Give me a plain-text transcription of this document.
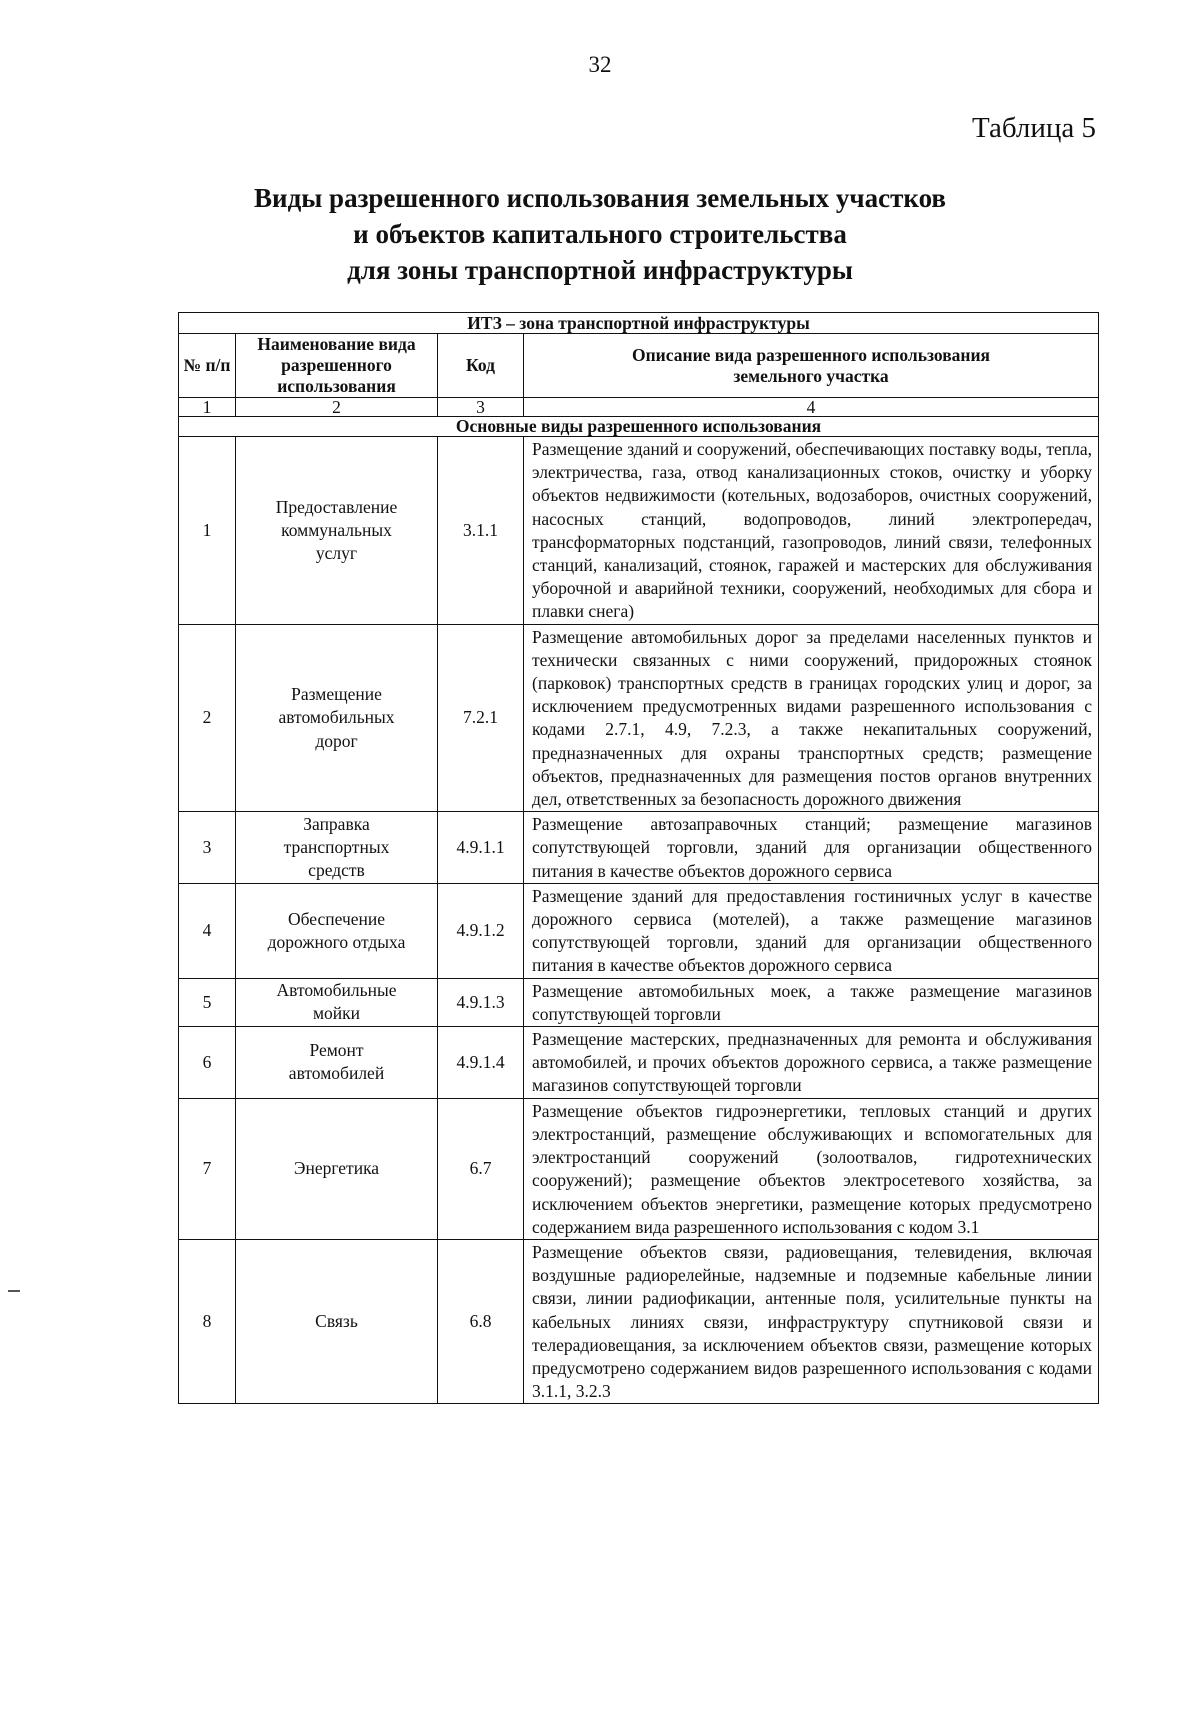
32
Таблица 5
Виды разрешенного использования земельных участков
и объектов капитального строительства
для зоны транспортной инфраструктуры
ИТЗ – зона транспортной инфраструктуры			
№ п/п	Наименование вида разрешенного использования	Код	Описание вида разрешенного использования земельного участка
1	2	3	4
Основные виды разрешенного использования			
1	Предоставление коммунальных услуг	3.1.1	Размещение зданий и сооружений, обеспечивающих поставку воды, тепла, электричества, газа, отвод канализационных стоков, очистку и уборку объектов недвижимости (котельных, водозаборов, очистных сооружений, насосных станций, водопроводов, линий электропередач, трансформаторных подстанций, газопроводов, линий связи, телефонных станций, канализаций, стоянок, гаражей и мастерских для обслуживания уборочной и аварийной техники, сооружений, необходимых для сбора и плавки снега)
2	Размещение автомобильных дорог	7.2.1	Размещение автомобильных дорог за пределами населенных пунктов и технически связанных с ними сооружений, придорожных стоянок (парковок) транспортных средств в границах городских улиц и дорог, за исключением предусмотренных видами разрешенного использования с кодами 2.7.1, 4.9, 7.2.3, а также некапитальных сооружений, предназначенных для охраны транспортных средств; размещение объектов, предназначенных для размещения постов органов внутренних дел, ответственных за безопасность дорожного движения
3	Заправка транспортных средств	4.9.1.1	Размещение автозаправочных станций; размещение магазинов сопутствующей торговли, зданий для организации общественного питания в качестве объектов дорожного сервиса
4	Обеспечение дорожного отдыха	4.9.1.2	Размещение зданий для предоставления гостиничных услуг в качестве дорожного сервиса (мотелей), а также размещение магазинов сопутствующей торговли, зданий для организации общественного питания в качестве объектов дорожного сервиса
5	Автомобильные мойки	4.9.1.3	Размещение автомобильных моек, а также размещение магазинов сопутствующей торговли
6	Ремонт автомобилей	4.9.1.4	Размещение мастерских, предназначенных для ремонта и обслуживания автомобилей, и прочих объектов дорожного сервиса, а также размещение магазинов сопутствующей торговли
7	Энергетика	6.7	Размещение объектов гидроэнергетики, тепловых станций и других электростанций, размещение обслуживающих и вспомогательных для электростанций сооружений (золоотвалов, гидротехнических сооружений); размещение объектов электросетевого хозяйства, за исключением объектов энергетики, размещение которых предусмотрено содержанием вида разрешенного использования с кодом 3.1
8	Связь	6.8	Размещение объектов связи, радиовещания, телевидения, включая воздушные радиорелейные, надземные и подземные кабельные линии связи, линии радиофикации, антенные поля, усилительные пункты на кабельных линиях связи, инфраструктуру спутниковой связи и телерадиовещания, за исключением объектов связи, размещение которых предусмотрено содержанием видов разрешенного использования с кодами 3.1.1, 3.2.3
